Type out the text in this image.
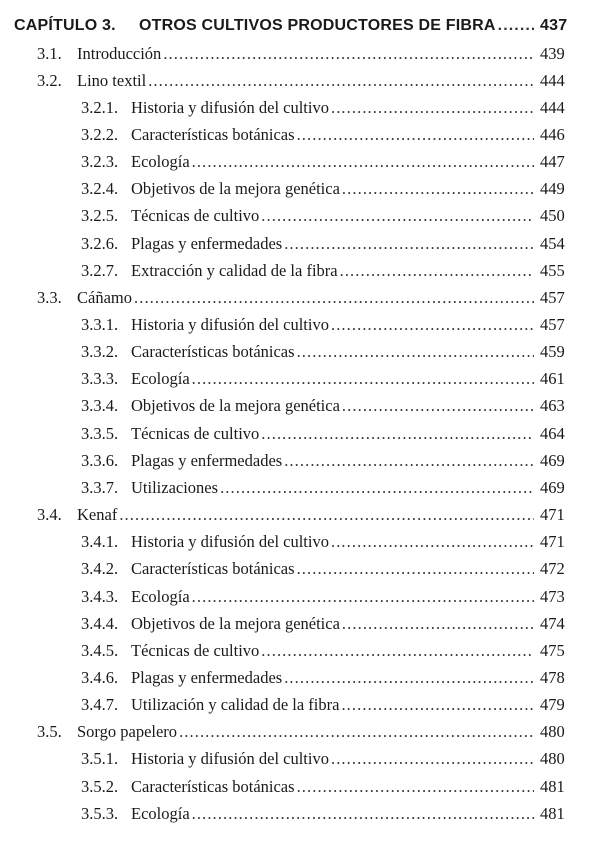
CAPÍTULO 3.	OTROS CULTIVOS PRODUCTORES DE FIBRA .....	437
3.1. Introducción .....	439
3.2. Lino textil .....	444
3.2.1. Historia y difusión del cultivo .....	444
3.2.2. Características botánicas .....	446
3.2.3. Ecología .....	447
3.2.4. Objetivos de la mejora genética .....	449
3.2.5. Técnicas de cultivo .....	450
3.2.6. Plagas y enfermedades .....	454
3.2.7. Extracción y calidad de la fibra .....	455
3.3. Cáñamo .....	457
3.3.1. Historia y difusión del cultivo .....	457
3.3.2. Características botánicas .....	459
3.3.3. Ecología .....	461
3.3.4. Objetivos de la mejora genética .....	463
3.3.5. Técnicas de cultivo .....	464
3.3.6. Plagas y enfermedades .....	469
3.3.7. Utilizaciones .....	469
3.4. Kenaf .....	471
3.4.1. Historia y difusión del cultivo .....	471
3.4.2. Características botánicas .....	472
3.4.3. Ecología .....	473
3.4.4. Objetivos de la mejora genética .....	474
3.4.5. Técnicas de cultivo .....	475
3.4.6. Plagas y enfermedades .....	478
3.4.7. Utilización y calidad de la fibra .....	479
3.5. Sorgo papelero .....	480
3.5.1. Historia y difusión del cultivo .....	480
3.5.2. Características botánicas .....	481
3.5.3. Ecología .....	481
